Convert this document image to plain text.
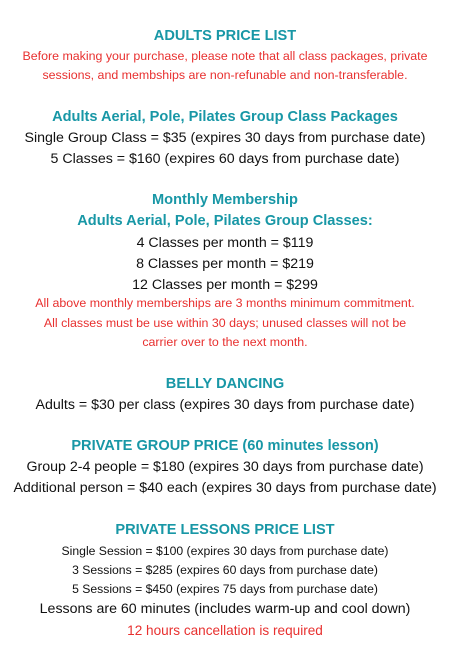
ADULTS PRICE LIST
Before making your purchase, please note that all class packages, private
sessions, and membships are non-refunable and non-transferable.
Adults Aerial, Pole, Pilates Group Class Packages
Single Group Class = $35 (expires 30 days from purchase date)
5 Classes = $160 (expires 60 days from purchase date)
Monthly Membership
Adults Aerial, Pole, Pilates Group Classes:
4 Classes per month = $119
8 Classes per month = $219
12 Classes per month = $299
All above monthly memberships are 3 months minimum commitment.
All classes must be use within 30 days; unused classes will not be
carrier over to the next month.
BELLY DANCING
Adults = $30 per class (expires 30 days from purchase date)
PRIVATE GROUP PRICE (60 minutes lesson)
Group 2-4 people = $180 (expires 30 days from purchase date)
Additional person = $40 each (expires 30 days from purchase date)
PRIVATE LESSONS PRICE LIST
Single Session = $100 (expires 30 days from purchase date)
3 Sessions = $285 (expires 60 days from purchase date)
5 Sessions = $450 (expires 75 days from purchase date)
Lessons are 60 minutes (includes warm-up and cool down)
12 hours cancellation is required
